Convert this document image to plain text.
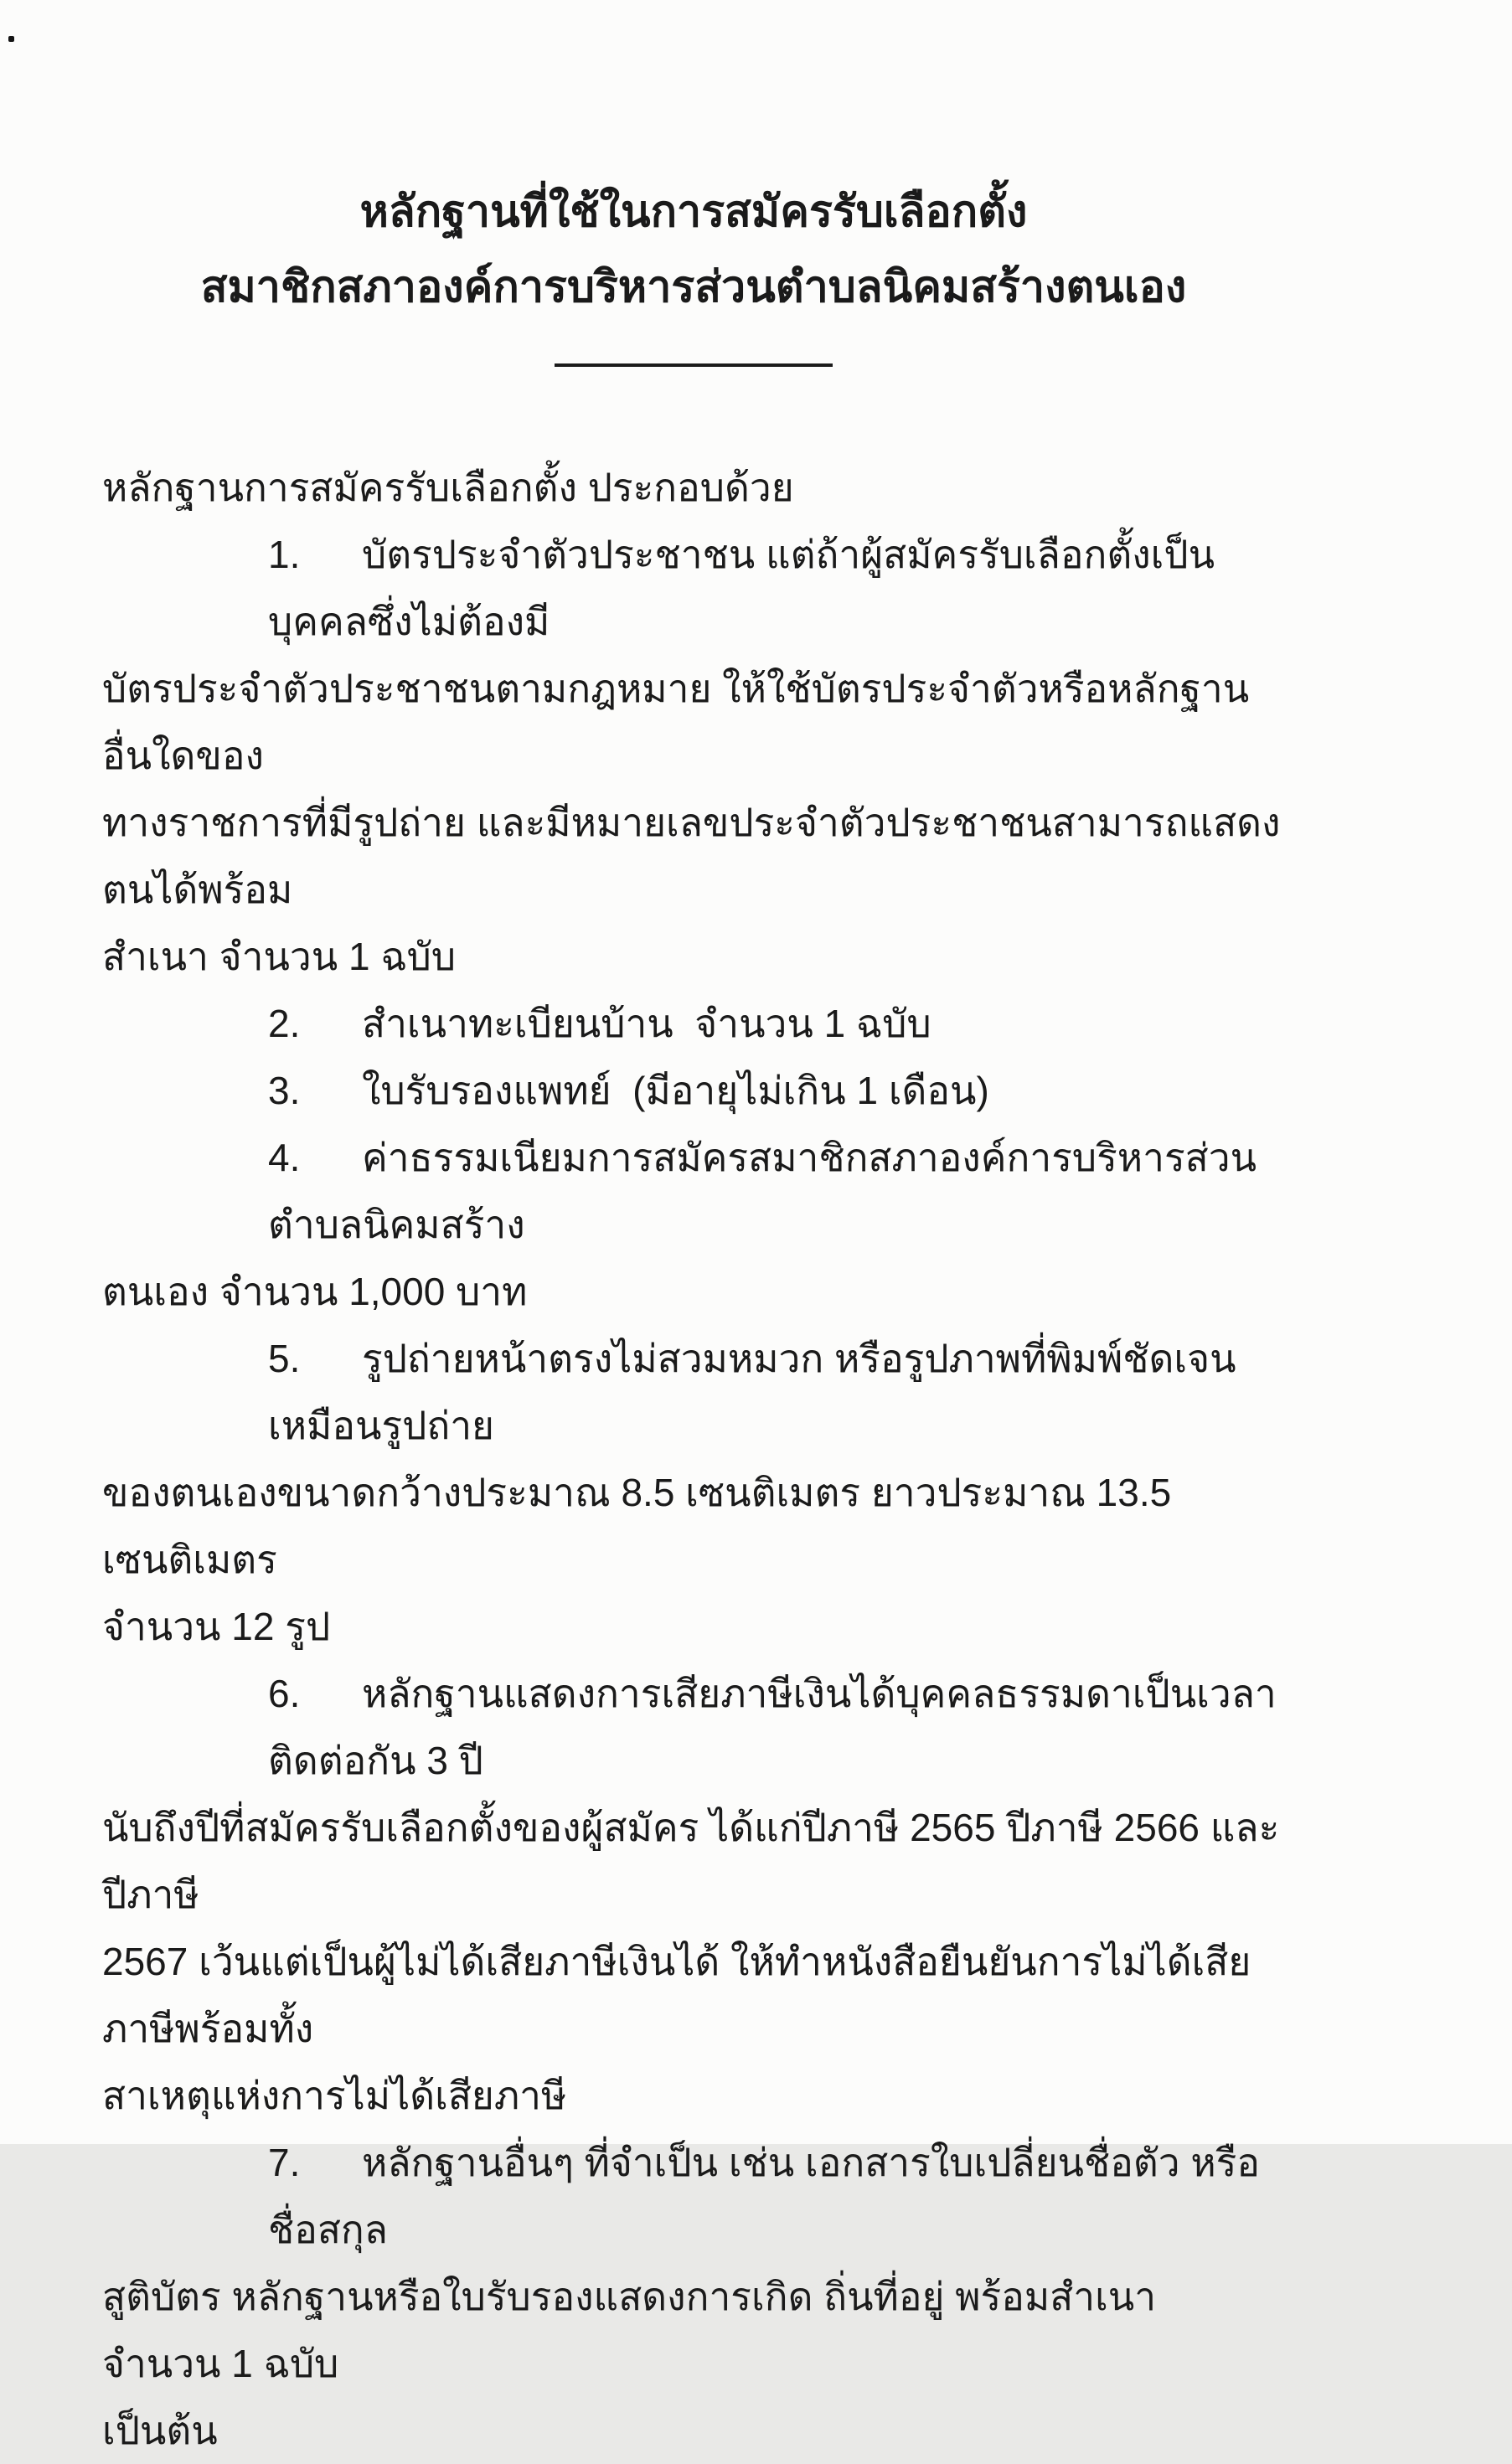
หลักฐานที่ใช้ในการสมัครรับเลือกตั้ง
สมาชิกสภาองค์การบริหารส่วนตำบลนิคมสร้างตนเอง
หลักฐานการสมัครรับเลือกตั้ง ประกอบด้วย
1. บัตรประจำตัวประชาชน แต่ถ้าผู้สมัครรับเลือกตั้งเป็นบุคคลซึ่งไม่ต้องมี
บัตรประจำตัวประชาชนตามกฎหมาย ให้ใช้บัตรประจำตัวหรือหลักฐานอื่นใดของ
ทางราชการที่มีรูปถ่าย และมีหมายเลขประจำตัวประชาชนสามารถแสดงตนได้พร้อม
สำเนา จำนวน 1 ฉบับ
2. สำเนาทะเบียนบ้าน  จำนวน 1 ฉบับ
3. ใบรับรองแพทย์  (มีอายุไม่เกิน 1 เดือน)
4. ค่าธรรมเนียมการสมัครสมาชิกสภาองค์การบริหารส่วนตำบลนิคมสร้าง
ตนเอง จำนวน 1,000 บาท
5. รูปถ่ายหน้าตรงไม่สวมหมวก หรือรูปภาพที่พิมพ์ชัดเจนเหมือนรูปถ่าย
ของตนเองขนาดกว้างประมาณ 8.5 เซนติเมตร ยาวประมาณ 13.5 เซนติเมตร
จำนวน 12 รูป
6. หลักฐานแสดงการเสียภาษีเงินได้บุคคลธรรมดาเป็นเวลาติดต่อกัน 3 ปี
นับถึงปีที่สมัครรับเลือกตั้งของผู้สมัคร ได้แก่ปีภาษี 2565 ปีภาษี 2566 และปีภาษี
2567 เว้นแต่เป็นผู้ไม่ได้เสียภาษีเงินได้ ให้ทำหนังสือยืนยันการไม่ได้เสียภาษีพร้อมทั้ง
สาเหตุแห่งการไม่ได้เสียภาษี
7. หลักฐานอื่นๆ ที่จำเป็น เช่น เอกสารใบเปลี่ยนชื่อตัว หรือชื่อสกุล
สูติบัตร หลักฐานหรือใบรับรองแสดงการเกิด ถิ่นที่อยู่ พร้อมสำเนา จำนวน 1 ฉบับ
เป็นต้น
